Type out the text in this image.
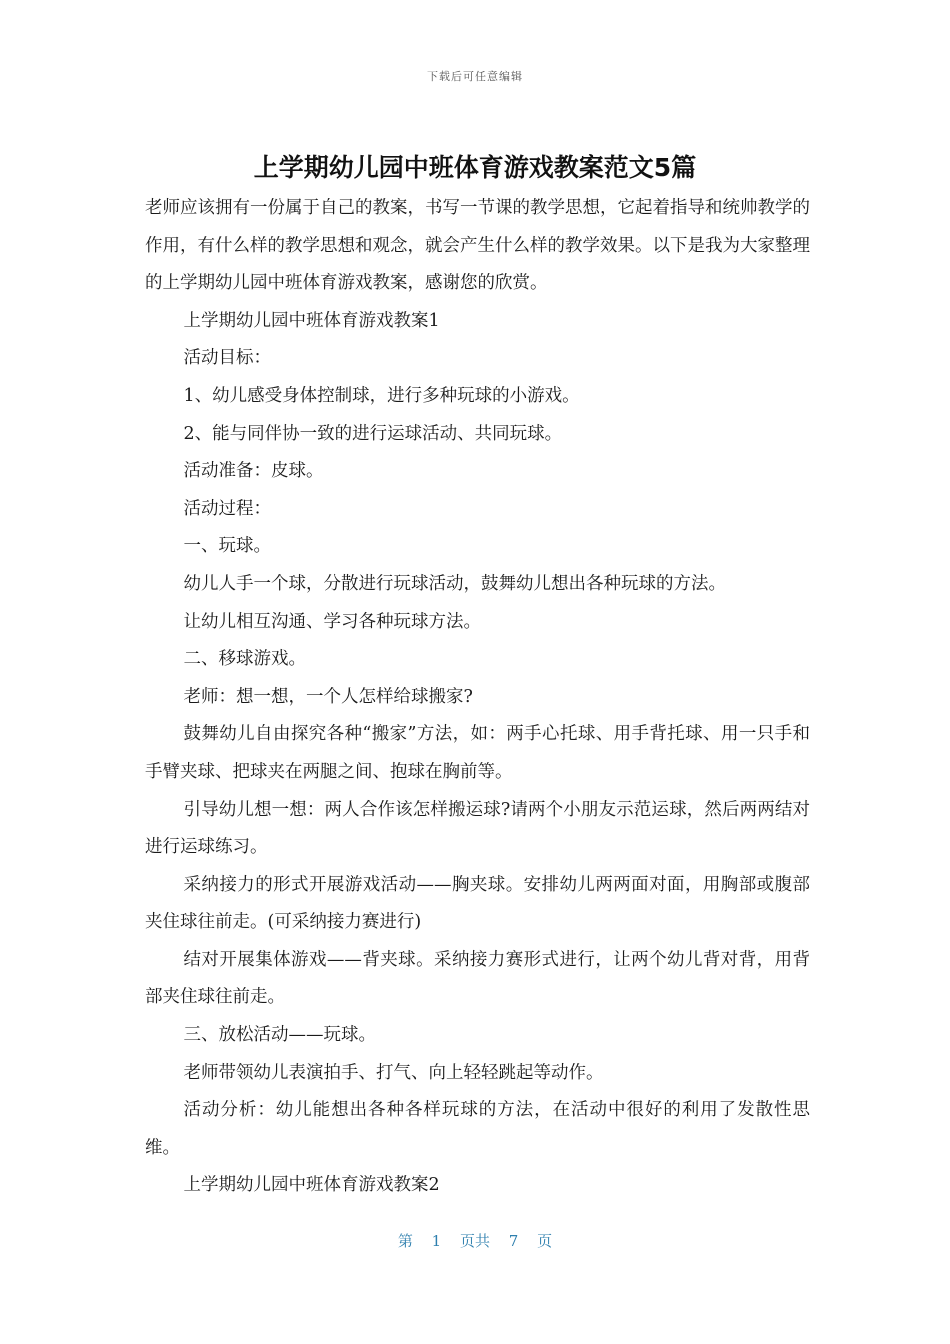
下载后可任意编辑
上学期幼儿园中班体育游戏教案范文5篇

老师应该拥有一份属于自己的教案，书写一节课的教学思想，它起着指导和统帅教学的作用，有什么样的教学思想和观念，就会产生什么样的教学效果。以下是我为大家整理的上学期幼儿园中班体育游戏教案，感谢您的欣赏。

上学期幼儿园中班体育游戏教案1

活动目标：

1、幼儿感受身体控制球，进行多种玩球的小游戏。

2、能与同伴协一致的进行运球活动、共同玩球。

活动准备：皮球。

活动过程：

一、玩球。

幼儿人手一个球，分散进行玩球活动，鼓舞幼儿想出各种玩球的方法。

让幼儿相互沟通、学习各种玩球方法。

二、移球游戏。

老师：想一想，一个人怎样给球搬家?

鼓舞幼儿自由探究各种“搬家”方法，如：两手心托球、用手背托球、用一只手和手臂夹球、把球夹在两腿之间、抱球在胸前等。

引导幼儿想一想：两人合作该怎样搬运球?请两个小朋友示范运球，然后两两结对进行运球练习。

采纳接力的形式开展游戏活动——胸夹球。安排幼儿两两面对面，用胸部或腹部夹住球往前走。(可采纳接力赛进行)

结对开展集体游戏——背夹球。采纳接力赛形式进行，让两个幼儿背对背，用背部夹住球往前走。

三、放松活动——玩球。

老师带领幼儿表演拍手、打气、向上轻轻跳起等动作。

活动分析：幼儿能想出各种各样玩球的方法，在活动中很好的利用了发散性思维。

上学期幼儿园中班体育游戏教案2

第 1 页共 7 页
